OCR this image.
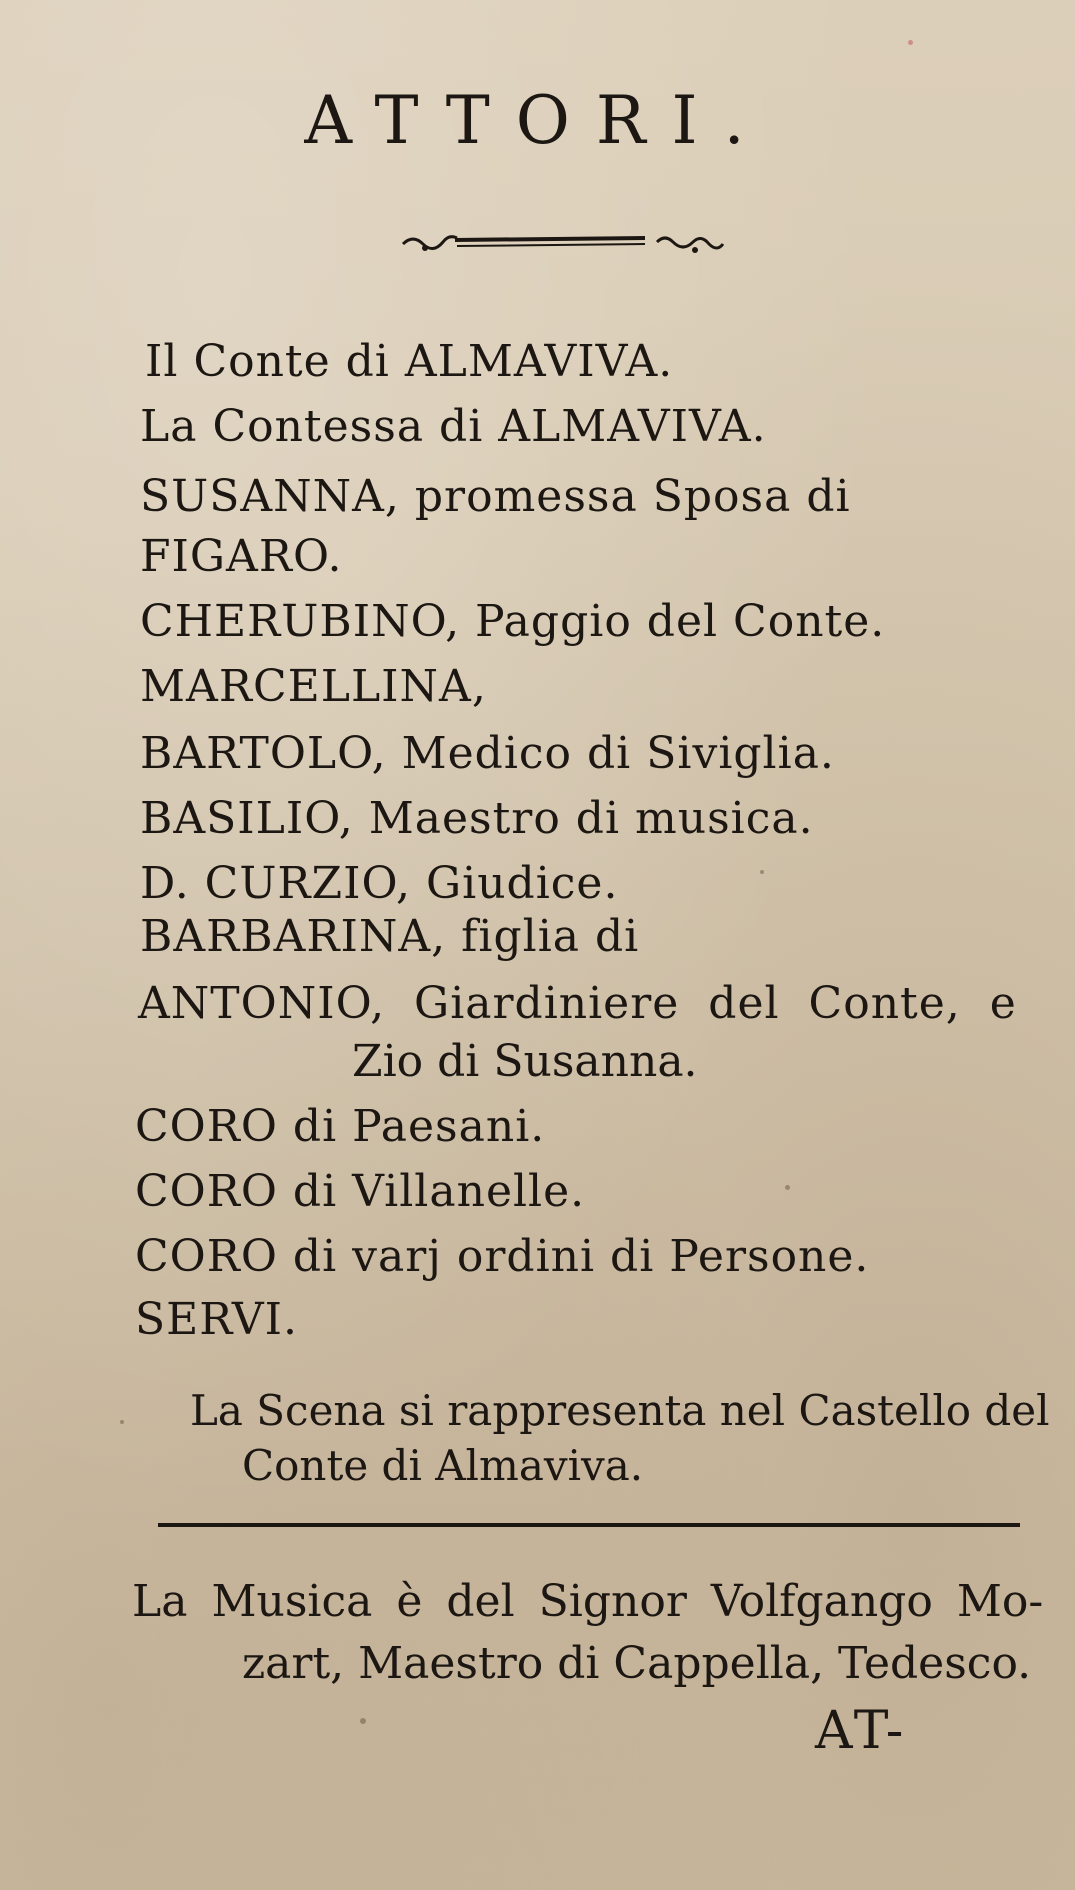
ATTORI.
Il Conte di ALMAVIVA.
La Contessa di ALMAVIVA.
SUSANNA, promessa Sposa di
FIGARO.
CHERUBINO, Paggio del Conte.
MARCELLINA,
BARTOLO, Medico di Siviglia.
BASILIO, Maestro di musica.
D. CURZIO, Giudice.
BARBARINA, figlia di
ANTONIO, Giardiniere del Conte, e
Zio di Susanna.
CORO di Paesani.
CORO di Villanelle.
CORO di varj ordini di Persone.
SERVI.
La Scena si rappresenta nel Castello del
Conte di Almaviva.
La Musica è del Signor Volfgango Mo-
zart, Maestro di Cappella, Tedesco.
AT-
